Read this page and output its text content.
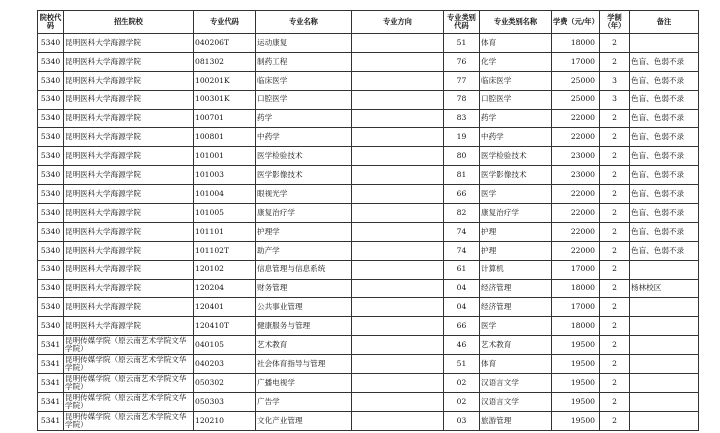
院校代码	招生院校	专业代码	专业名称	专业方向	专业类别代码	专业类别名称	学费（元/年）	学制（年）	备注
5340	昆明医科大学海源学院	040206T	运动康复		51	体育	18000	2	
5340	昆明医科大学海源学院	081302	制药工程		76	化学	17000	2	色盲、色弱不录
5340	昆明医科大学海源学院	100201K	临床医学		77	临床医学	25000	3	色盲、色弱不录
5340	昆明医科大学海源学院	100301K	口腔医学		78	口腔医学	25000	3	色盲、色弱不录
5340	昆明医科大学海源学院	100701	药学		83	药学	22000	2	色盲、色弱不录
5340	昆明医科大学海源学院	100801	中药学		19	中药学	22000	2	色盲、色弱不录
5340	昆明医科大学海源学院	101001	医学检验技术		80	医学检验技术	23000	2	色盲、色弱不录
5340	昆明医科大学海源学院	101003	医学影像技术		81	医学影像技术	23000	2	色盲、色弱不录
5340	昆明医科大学海源学院	101004	眼视光学		66	医学	22000	2	色盲、色弱不录
5340	昆明医科大学海源学院	101005	康复治疗学		82	康复治疗学	22000	2	色盲、色弱不录
5340	昆明医科大学海源学院	101101	护理学		74	护理	22000	2	色盲、色弱不录
5340	昆明医科大学海源学院	101102T	助产学		74	护理	22000	2	色盲、色弱不录
5340	昆明医科大学海源学院	120102	信息管理与信息系统		61	计算机	17000	2	
5340	昆明医科大学海源学院	120204	财务管理		04	经济管理	18000	2	杨林校区
5340	昆明医科大学海源学院	120401	公共事业管理		04	经济管理	17000	2	
5340	昆明医科大学海源学院	120410T	健康服务与管理		66	医学	18000	2	
5341	昆明传媒学院（原云南艺术学院文华学院）	040105	艺术教育		46	艺术教育	19500	2	
5341	昆明传媒学院（原云南艺术学院文华学院）	040203	社会体育指导与管理		51	体育	19500	2	
5341	昆明传媒学院（原云南艺术学院文华学院）	050302	广播电视学		02	汉语言文学	19500	2	
5341	昆明传媒学院（原云南艺术学院文华学院）	050303	广告学		02	汉语言文学	19500	2	
5341	昆明传媒学院（原云南艺术学院文华学院）	120210	文化产业管理		03	旅游管理	19500	2	
